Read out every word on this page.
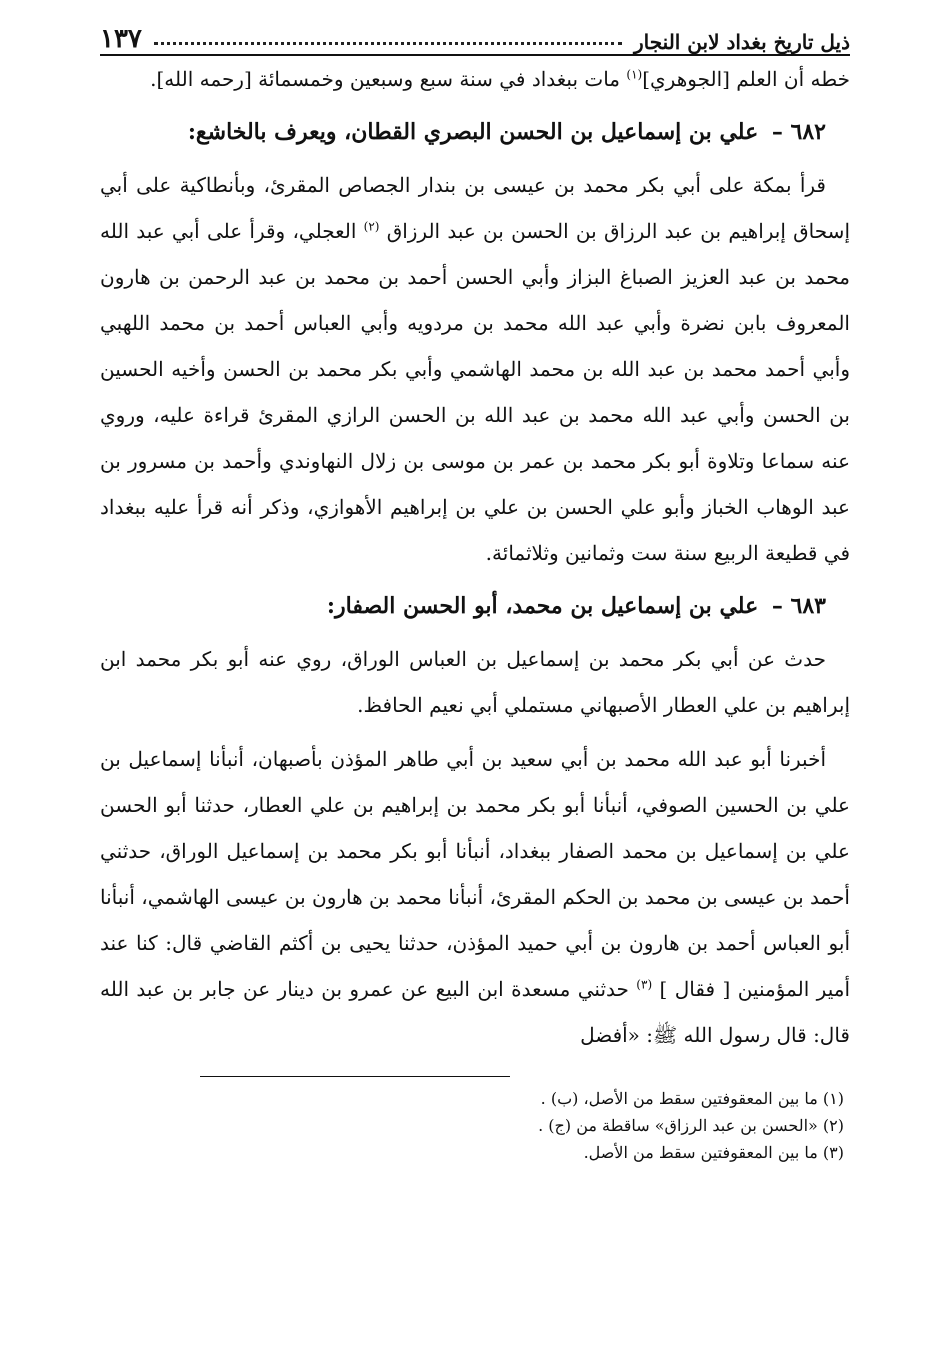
ذيل تاريخ بغداد لابن النجار
١٣٧

خطه أن العلم [الجوهري]$^{(١)}$ مات ببغداد في سنة سبع وسبعين وخمسمائة [رحمه الله].

٦٨٢ – علي بن إسماعيل بن الحسن البصري القطان، ويعرف بالخاشع:

قرأ بمكة على أبي بكر محمد بن عيسى بن بندار الجصاص المقرئ، وبأنطاكية على أبي إسحاق إبراهيم بن عبد الرزاق بن الحسن بن عبد الرزاق $^{(٢)}$ العجلي، وقرأ على أبي عبد الله محمد بن عبد العزيز الصباغ البزاز وأبي الحسن أحمد بن محمد بن عبد الرحمن بن هارون المعروف بابن نضرة وأبي عبد الله محمد بن مردويه وأبي العباس أحمد بن محمد اللهبي وأبي أحمد محمد بن عبد الله بن محمد الهاشمي وأبي بكر محمد بن الحسن وأخيه الحسين بن الحسن وأبي عبد الله محمد بن عبد الله بن الحسن الرازي المقرئ قراءة عليه، وروي عنه سماعا وتلاوة أبو بكر محمد بن عمر بن موسى بن زلال النهاوندي وأحمد بن مسرور بن عبد الوهاب الخباز وأبو علي الحسن بن علي بن إبراهيم الأهوازي، وذكر أنه قرأ عليه ببغداد في قطيعة الربيع سنة ست وثمانين وثلاثمائة.

٦٨٣ – علي بن إسماعيل بن محمد، أبو الحسن الصفار:

حدث عن أبي بكر محمد بن إسماعيل بن العباس الوراق، روي عنه أبو بكر محمد ابن إبراهيم بن علي العطار الأصبهاني مستملي أبي نعيم الحافظ.

أخبرنا أبو عبد الله محمد بن أبي سعيد بن أبي طاهر المؤذن بأصبهان، أنبأنا إسماعيل بن علي بن الحسين الصوفي، أنبأنا أبو بكر محمد بن إبراهيم بن علي العطار، حدثنا أبو الحسن علي بن إسماعيل بن محمد الصفار ببغداد، أنبأنا أبو بكر محمد بن إسماعيل الوراق، حدثني أحمد بن عيسى بن محمد بن الحكم المقرئ، أنبأنا محمد بن هارون بن عيسى الهاشمي، أنبأنا أبو العباس أحمد بن هارون بن أبي حميد المؤذن، حدثنا يحيى بن أكثم القاضي قال: كنا عند أمير المؤمنين [ فقال ] $^{(٣)}$ حدثني مسعدة ابن البيع عن عمرو بن دينار عن جابر بن عبد الله قال: قال رسول الله ﷺ: «أفضل

(١) ما بين المعقوفتين سقط من الأصل، (ب) .
(٢) «الحسن بن عبد الرزاق» ساقطة من (ج) .
(٣) ما بين المعقوفتين سقط من الأصل.
